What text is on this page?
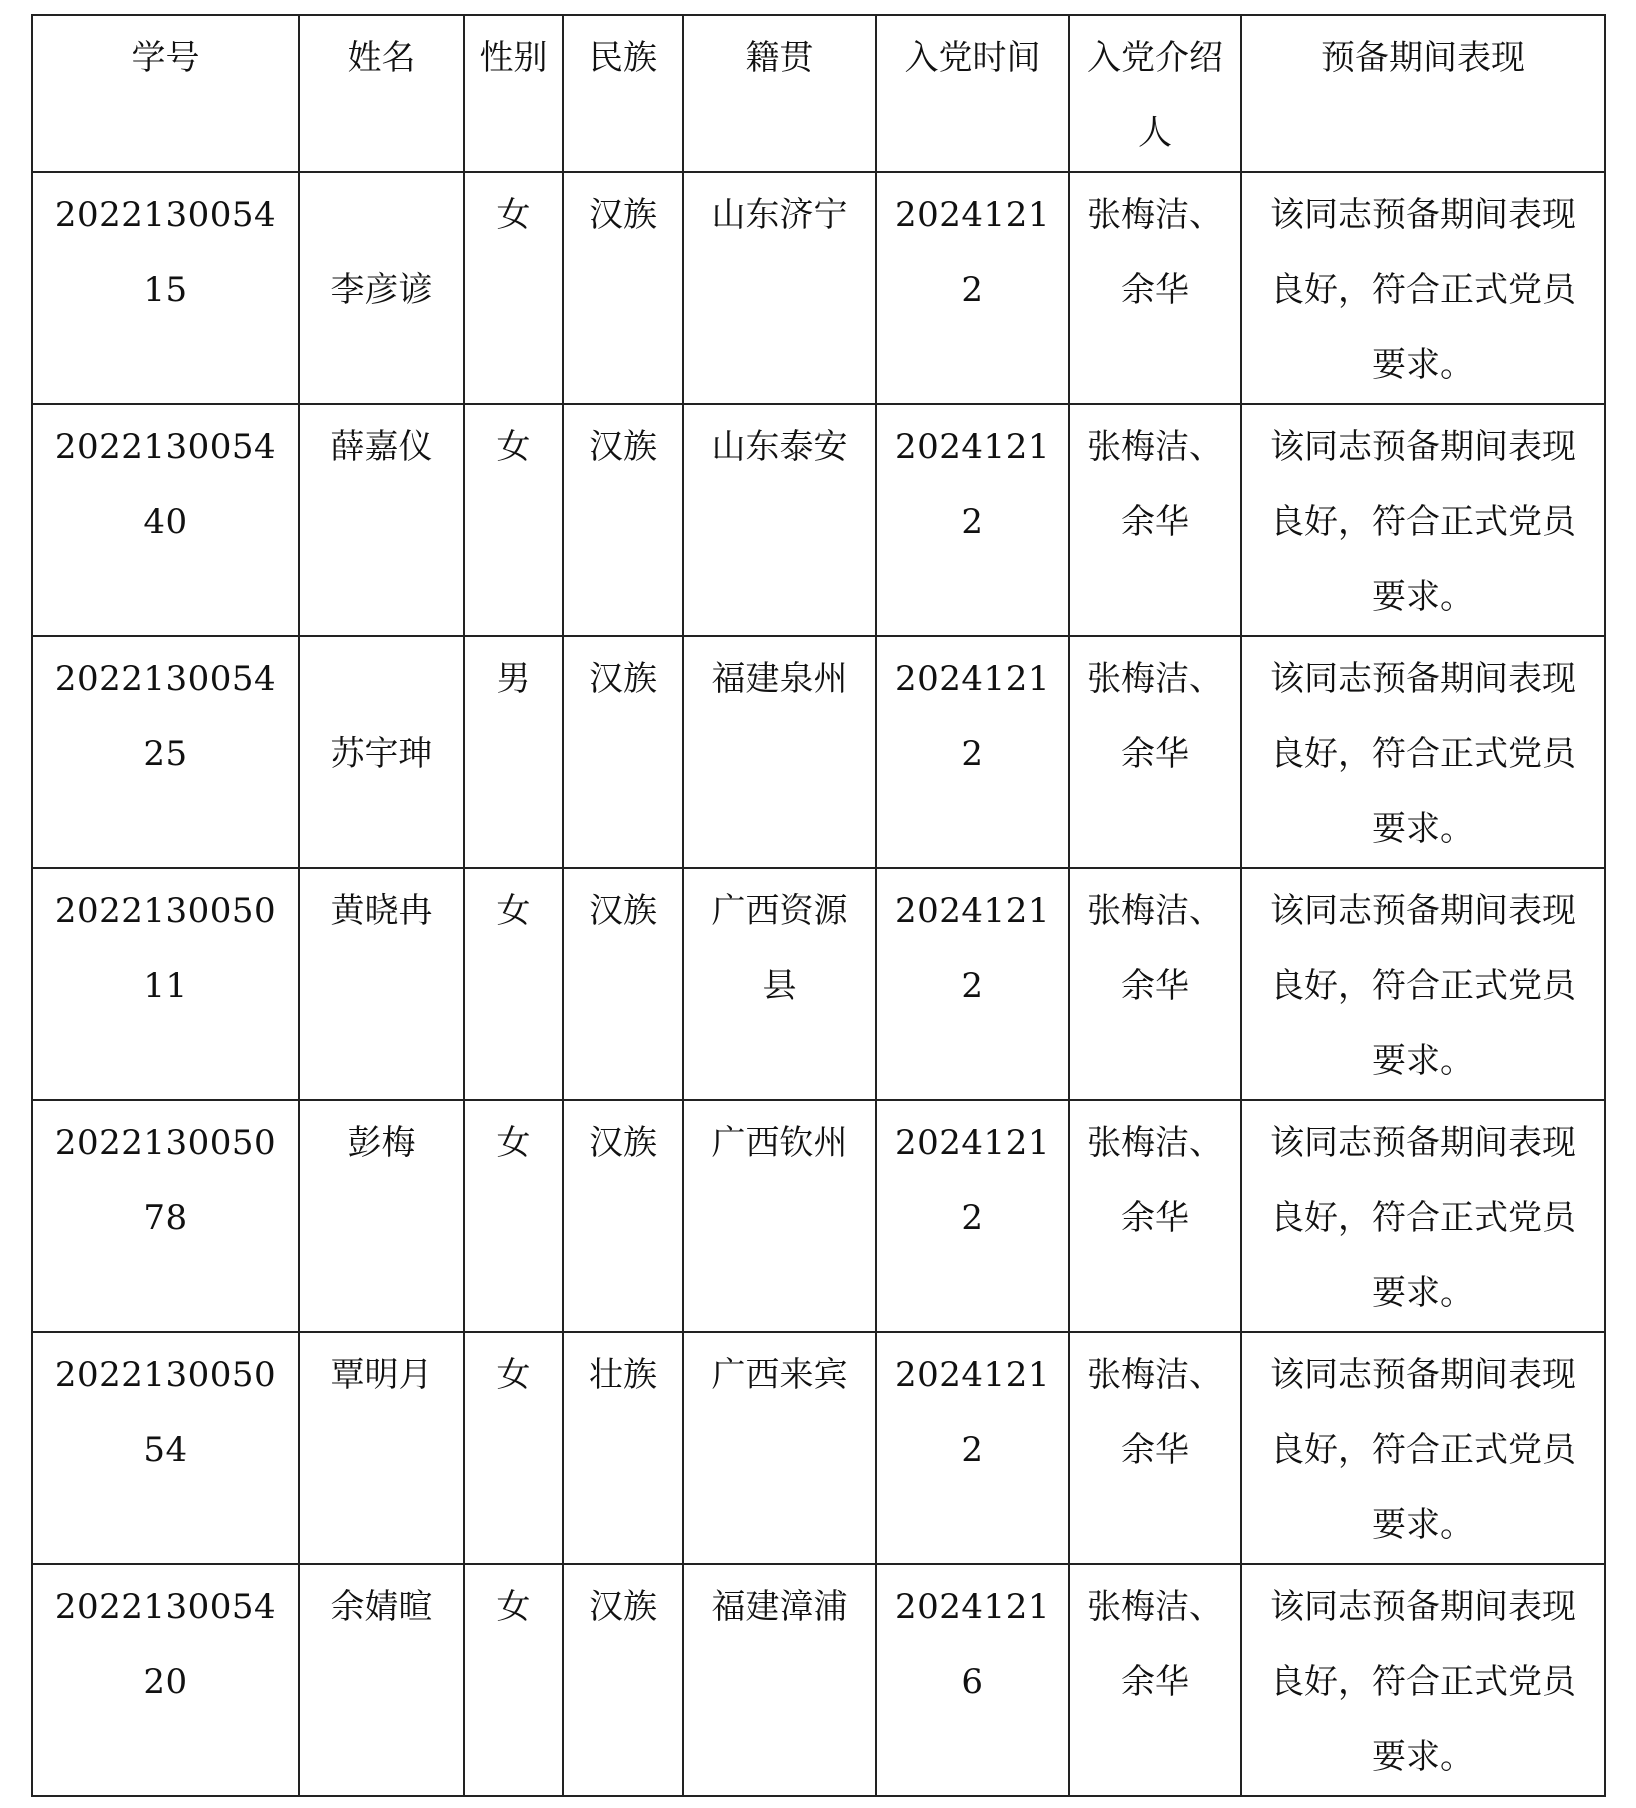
学号	姓名	性别	民族	籍贯	入党时间	入党介绍人	预备期间表现
202213005415	李彦谚	女	汉族	山东济宁	20241212	张梅洁、余华	该同志预备期间表现良好，符合正式党员要求。
202213005440	薛嘉仪	女	汉族	山东泰安	20241212	张梅洁、余华	该同志预备期间表现良好，符合正式党员要求。
202213005425	苏宇珅	男	汉族	福建泉州	20241212	张梅洁、余华	该同志预备期间表现良好，符合正式党员要求。
202213005011	黄晓冉	女	汉族	广西资源县	20241212	张梅洁、余华	该同志预备期间表现良好，符合正式党员要求。
202213005078	彭梅	女	汉族	广西钦州	20241212	张梅洁、余华	该同志预备期间表现良好，符合正式党员要求。
202213005054	覃明月	女	壮族	广西来宾	20241212	张梅洁、余华	该同志预备期间表现良好，符合正式党员要求。
202213005420	余婧暄	女	汉族	福建漳浦	20241216	张梅洁、余华	该同志预备期间表现良好，符合正式党员要求。
